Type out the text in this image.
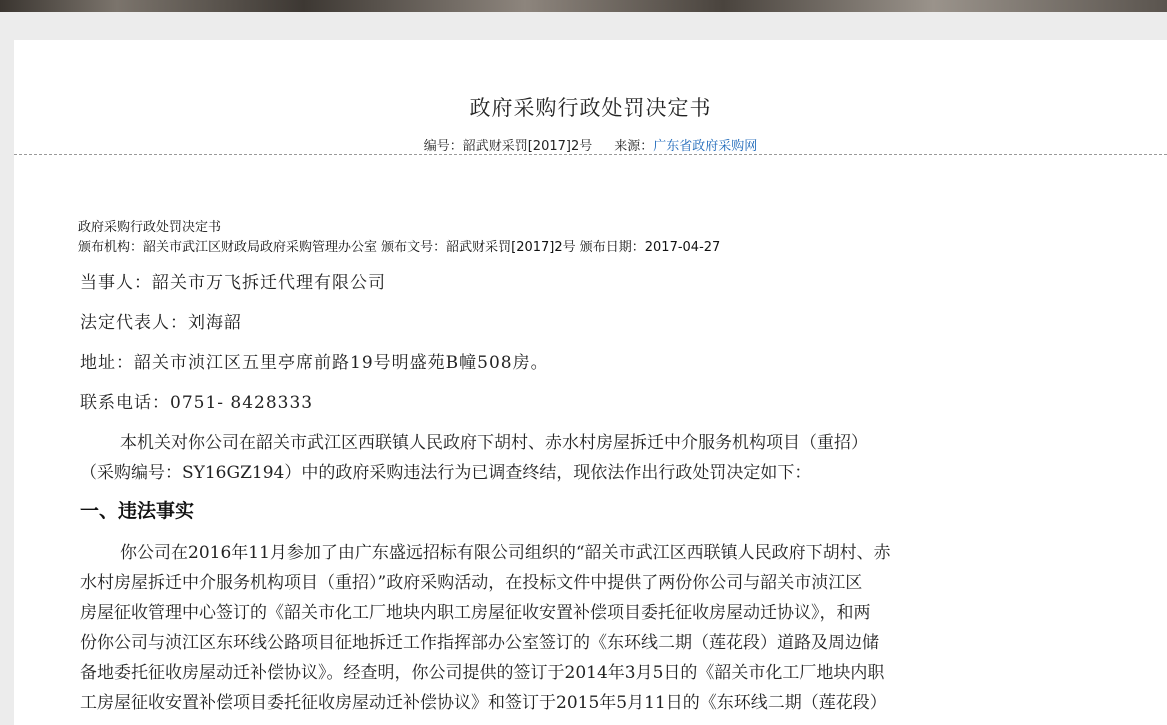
政府采购行政处罚决定书
编号：韶武财采罚[2017]2号 来源：广东省政府采购网
政府采购行政处罚决定书
颁布机构：韶关市武江区财政局政府采购管理办公室 颁布文号：韶武财采罚[2017]2号 颁布日期：2017-04-27
当事人：韶关市万飞拆迁代理有限公司
法定代表人：刘海韶
地址：韶关市浈江区五里亭席前路19号明盛苑B幢508房。
联系电话：0751- 8428333
本机关对你公司在韶关市武江区西联镇人民政府下胡村、赤水村房屋拆迁中介服务机构项目（重招）
（采购编号：SY16GZ194）中的政府采购违法行为已调查终结，现依法作出行政处罚决定如下：
一、违法事实
你公司在2016年11月参加了由广东盛远招标有限公司组织的“韶关市武江区西联镇人民政府下胡村、赤
水村房屋拆迁中介服务机构项目（重招）”政府采购活动，在投标文件中提供了两份你公司与韶关市浈江区
房屋征收管理中心签订的《韶关市化工厂地块内职工房屋征收安置补偿项目委托征收房屋动迁协议》，和两
份你公司与浈江区东环线公路项目征地拆迁工作指挥部办公室签订的《东环线二期（莲花段）道路及周边储
备地委托征收房屋动迁补偿协议》。经查明，你公司提供的签订于2014年3月5日的《韶关市化工厂地块内职
工房屋征收安置补偿项目委托征收房屋动迁补偿协议》和签订于2015年5月11日的《东环线二期（莲花段）
